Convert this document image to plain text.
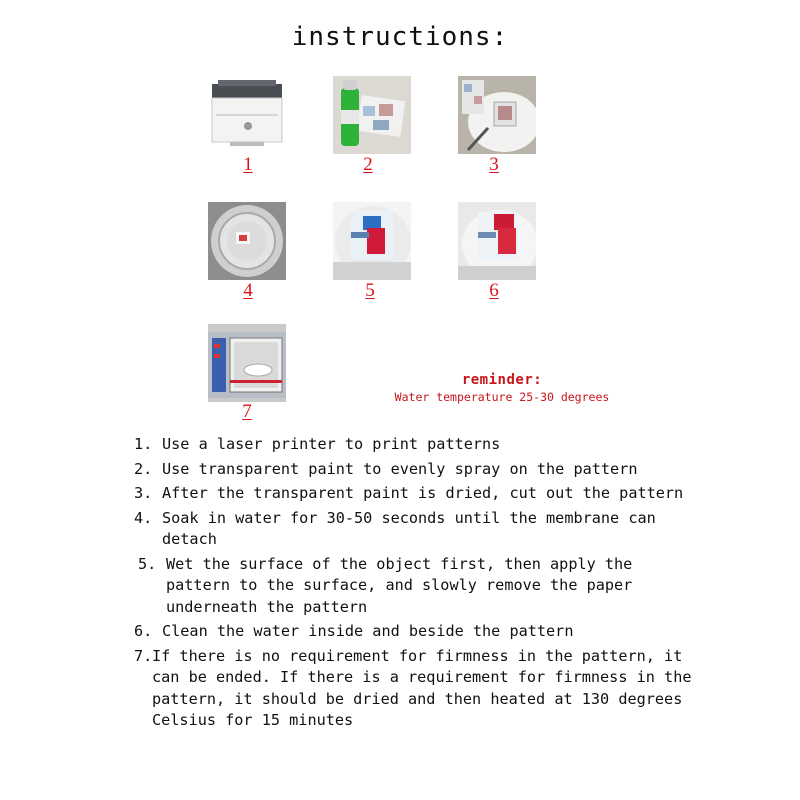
instructions:
1	2	3
4	5	6
7
reminder:
Water temperature 25-30 degrees
1. Use a laser printer to print patterns
2. Use transparent paint to evenly spray on the pattern
3. After the transparent paint is dried, cut out the pattern
4. Soak in water for 30-50 seconds until the membrane can detach
5. Wet the surface of the object first, then apply the pattern to the surface, and slowly remove the paper underneath the pattern
6. Clean the water inside and beside the pattern
7. If there is no requirement for firmness in the pattern, it can be ended. If there is a requirement for firmness in the pattern, it should be dried and then heated at 130 degrees Celsius for 15 minutes
